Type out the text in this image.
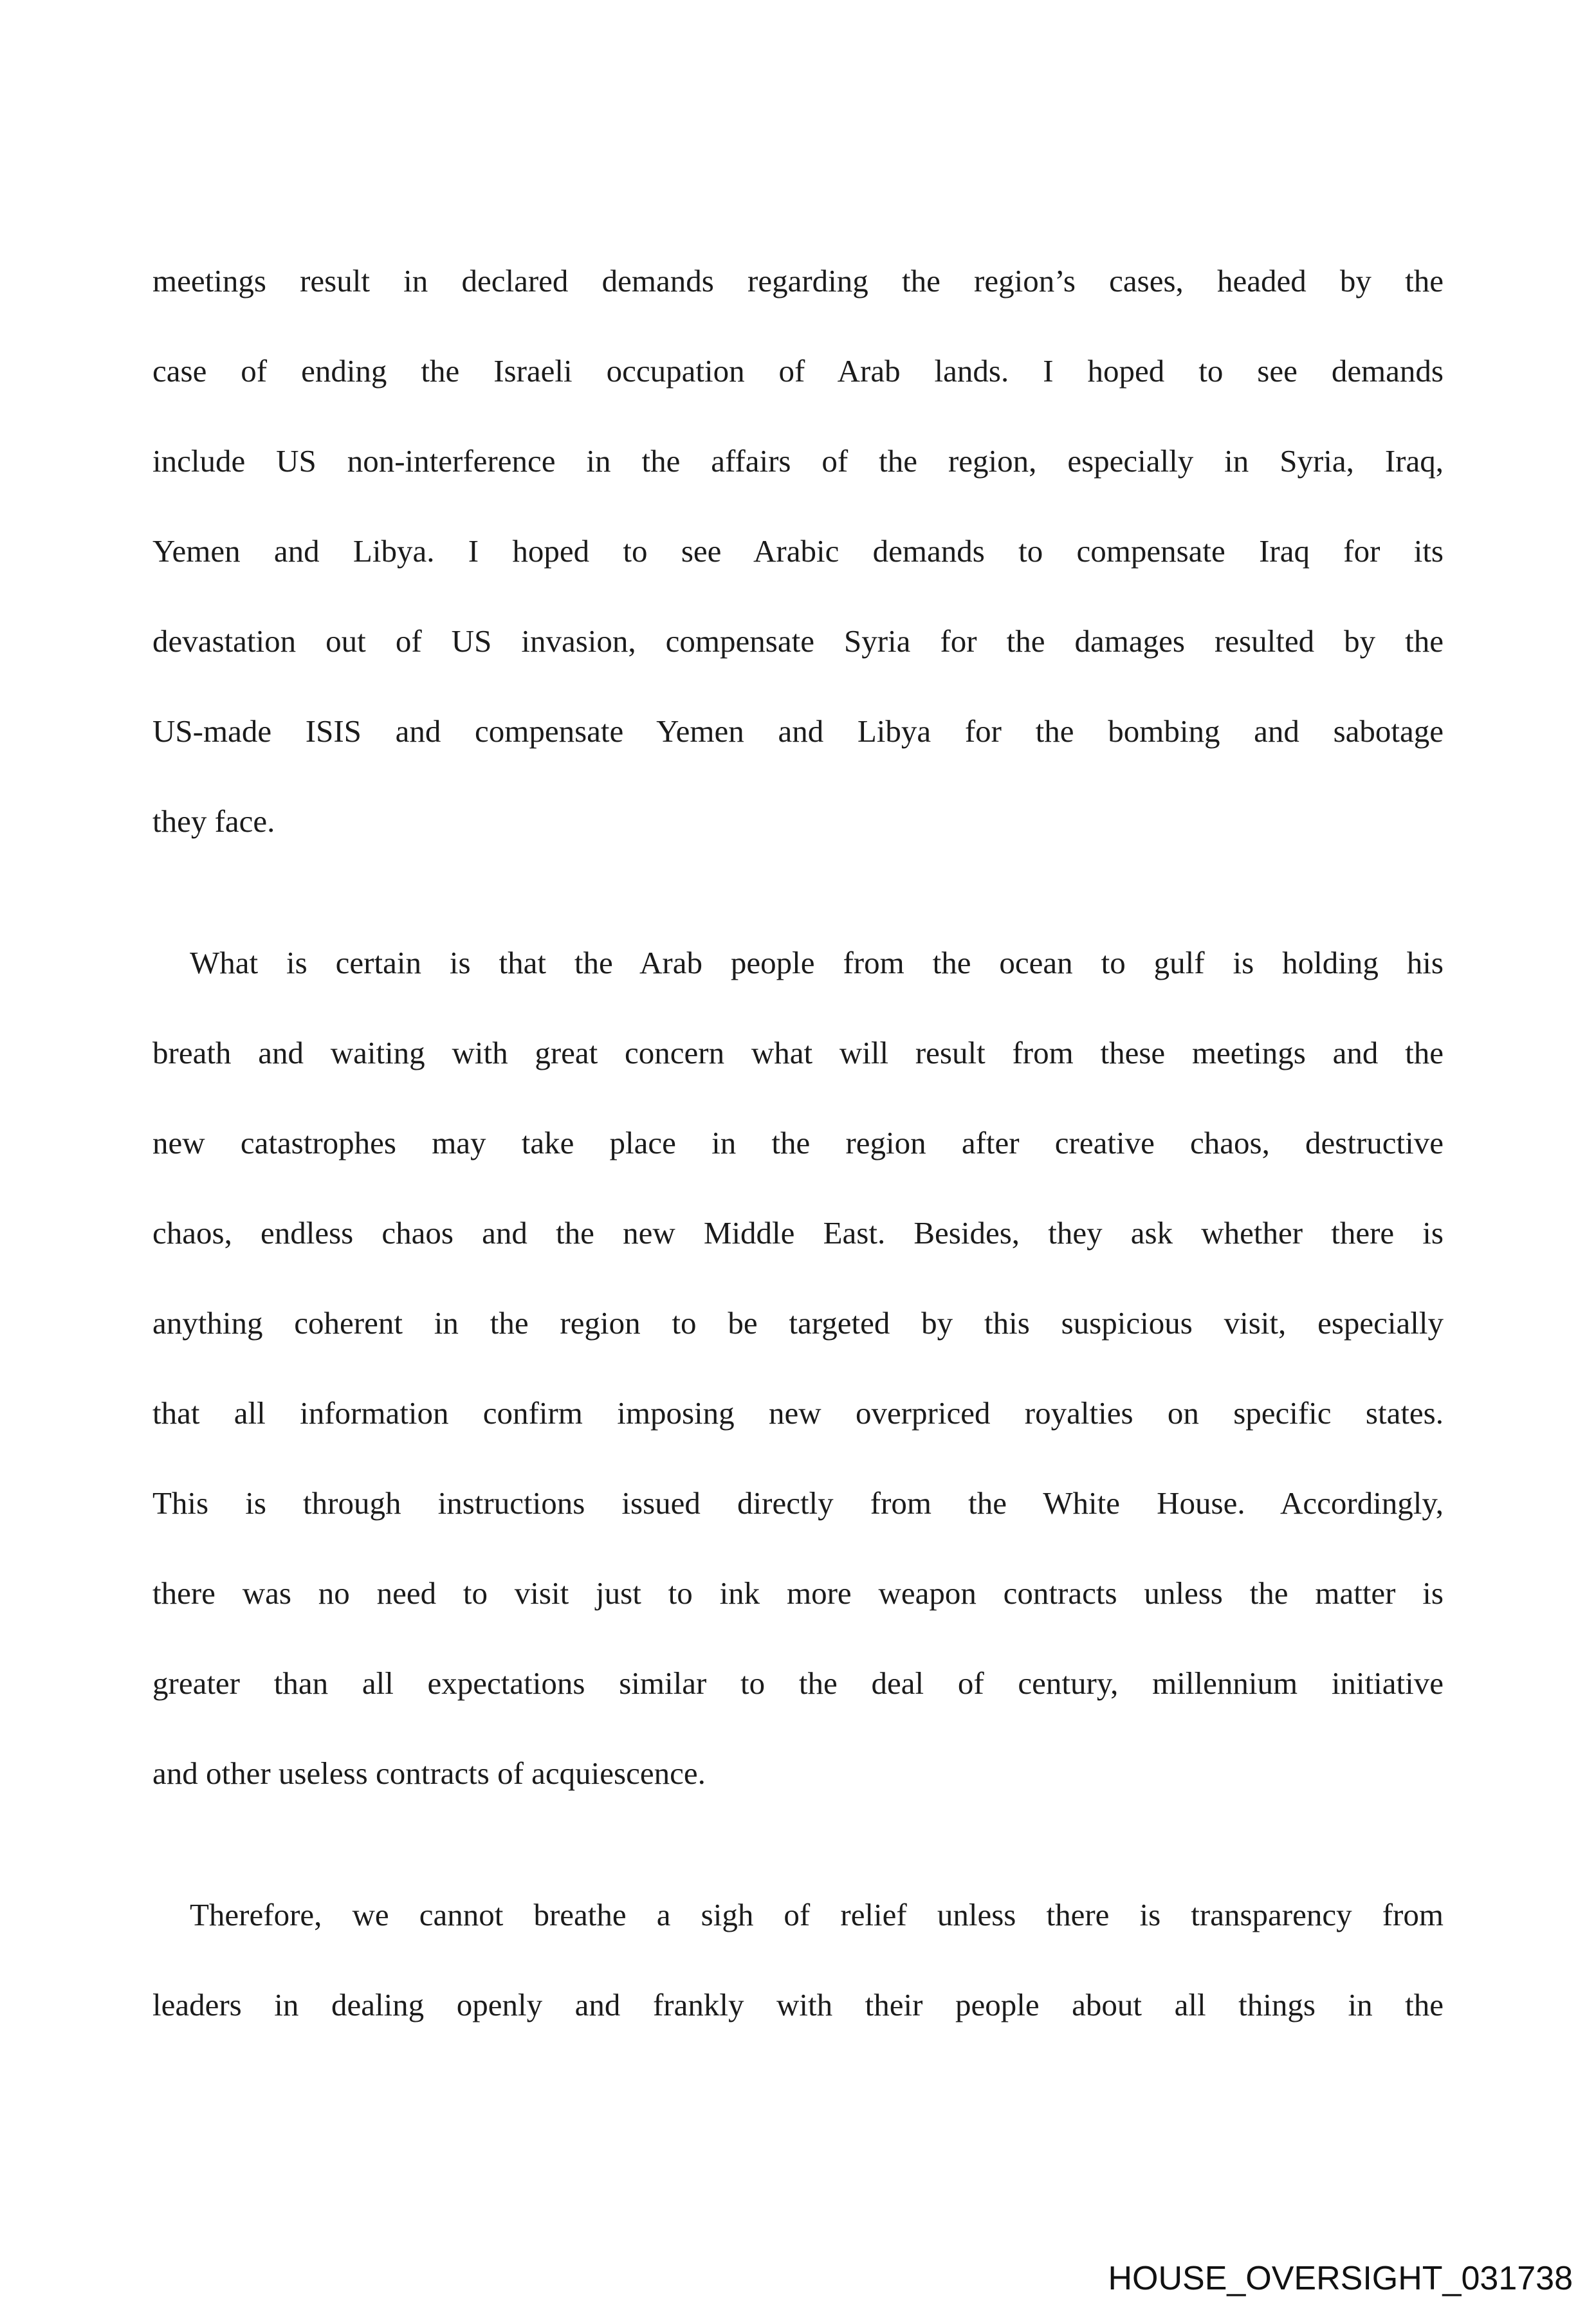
meetings result in declared demands regarding the region’s cases, headed by the
case of ending the Israeli occupation of Arab lands. I hoped to see demands
include US non-interference in the affairs of the region, especially in Syria, Iraq,
Yemen and Libya. I hoped to see Arabic demands to compensate Iraq for its
devastation out of US invasion, compensate Syria for the damages resulted by the
US-made ISIS and compensate Yemen and Libya for the bombing and sabotage
they face.

What is certain is that the Arab people from the ocean to gulf is holding his
breath and waiting with great concern what will result from these meetings and the
new catastrophes may take place in the region after creative chaos, destructive
chaos, endless chaos and the new Middle East. Besides, they ask whether there is
anything coherent in the region to be targeted by this suspicious visit, especially
that all information confirm imposing new overpriced royalties on specific states.
This is through instructions issued directly from the White House. Accordingly,
there was no need to visit just to ink more weapon contracts unless the matter is
greater than all expectations similar to the deal of century, millennium initiative
and other useless contracts of acquiescence.

Therefore, we cannot breathe a sigh of relief unless there is transparency from
leaders in dealing openly and frankly with their people about all things in the

HOUSE_OVERSIGHT_031738
